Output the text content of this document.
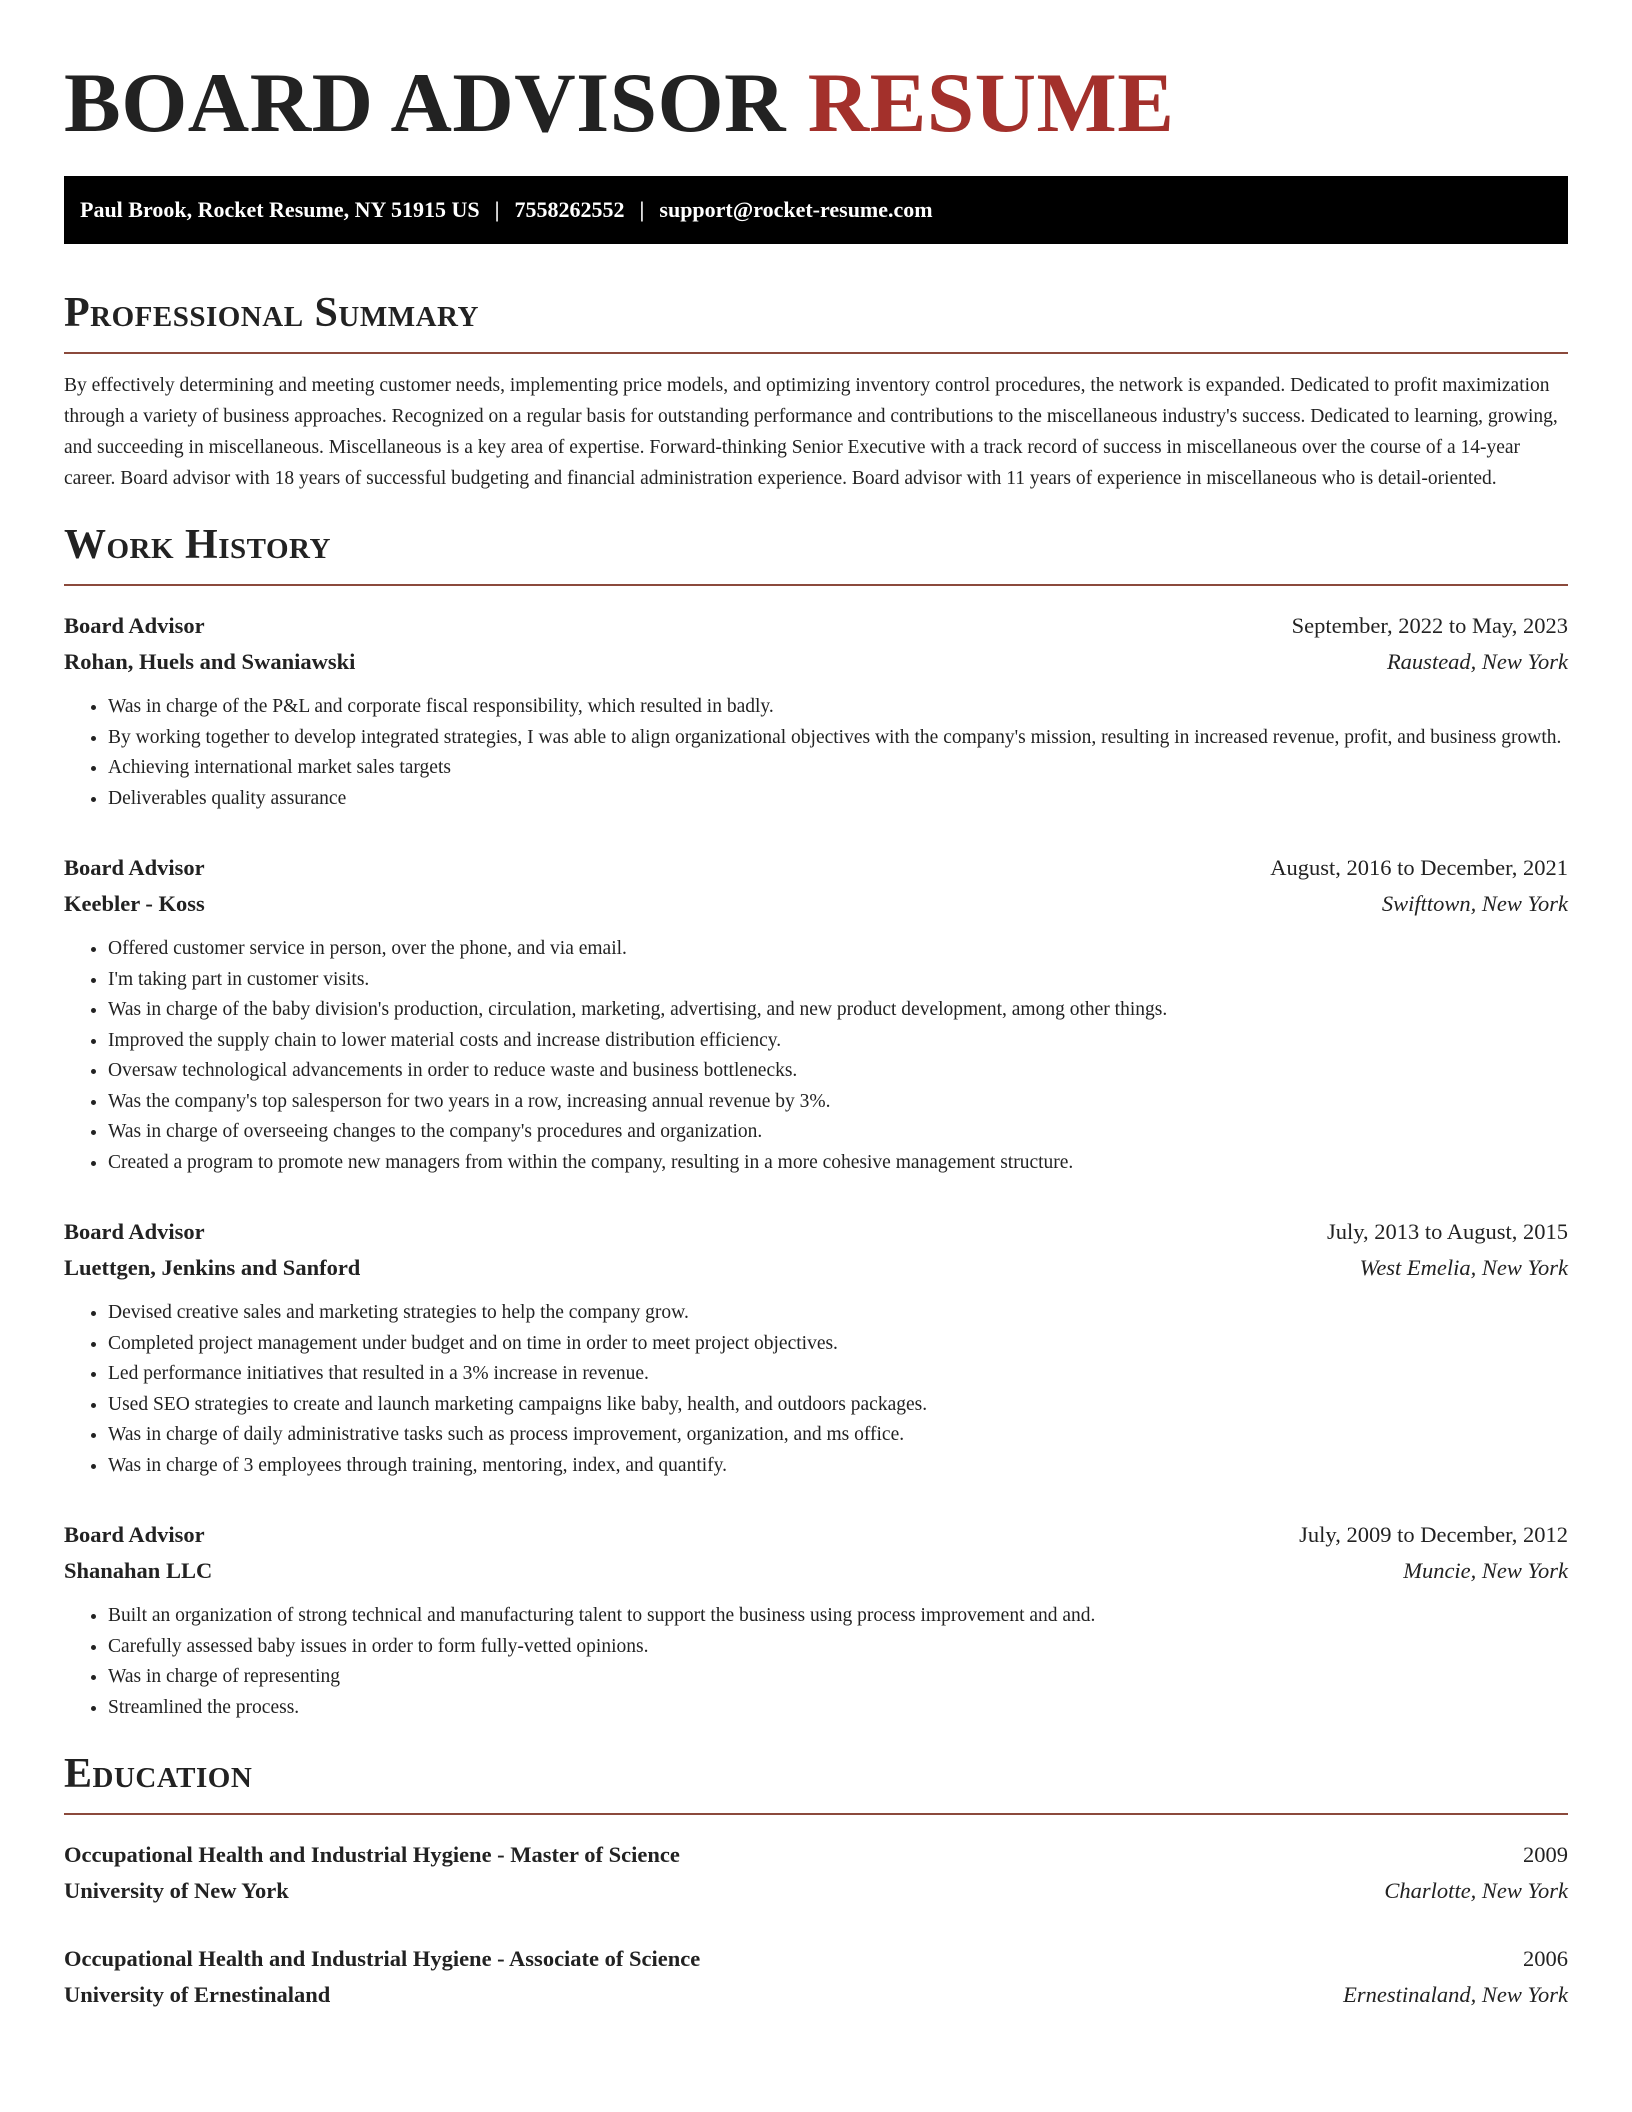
BOARD ADVISOR RESUME
Paul Brook, Rocket Resume, NY 51915 US | 7558262552 | support@rocket-resume.com
Professional Summary

By effectively determining and meeting customer needs, implementing price models, and optimizing inventory control procedures, the network is expanded. Dedicated to profit maximization through a variety of business approaches. Recognized on a regular basis for outstanding performance and contributions to the miscellaneous industry's success. Dedicated to learning, growing, and succeeding in miscellaneous. Miscellaneous is a key area of expertise. Forward-thinking Senior Executive with a track record of success in miscellaneous over the course of a 14-year career. Board advisor with 18 years of successful budgeting and financial administration experience. Board advisor with 11 years of experience in miscellaneous who is detail-oriented.

Work History
Board Advisor	September, 2022 to May, 2023
Rohan, Huels and Swaniawski	Raustead, New York
• Was in charge of the P&L and corporate fiscal responsibility, which resulted in badly.
• By working together to develop integrated strategies, I was able to align organizational objectives with the company's mission, resulting in increased revenue, profit, and business growth.
• Achieving international market sales targets
• Deliverables quality assurance
Board Advisor	August, 2016 to December, 2021
Keebler - Koss	Swifttown, New York
• Offered customer service in person, over the phone, and via email.
• I'm taking part in customer visits.
• Was in charge of the baby division's production, circulation, marketing, advertising, and new product development, among other things.
• Improved the supply chain to lower material costs and increase distribution efficiency.
• Oversaw technological advancements in order to reduce waste and business bottlenecks.
• Was the company's top salesperson for two years in a row, increasing annual revenue by 3%.
• Was in charge of overseeing changes to the company's procedures and organization.
• Created a program to promote new managers from within the company, resulting in a more cohesive management structure.
Board Advisor	July, 2013 to August, 2015
Luettgen, Jenkins and Sanford	West Emelia, New York
• Devised creative sales and marketing strategies to help the company grow.
• Completed project management under budget and on time in order to meet project objectives.
• Led performance initiatives that resulted in a 3% increase in revenue.
• Used SEO strategies to create and launch marketing campaigns like baby, health, and outdoors packages.
• Was in charge of daily administrative tasks such as process improvement, organization, and ms office.
• Was in charge of 3 employees through training, mentoring, index, and quantify.
Board Advisor	July, 2009 to December, 2012
Shanahan LLC	Muncie, New York
• Built an organization of strong technical and manufacturing talent to support the business using process improvement and and.
• Carefully assessed baby issues in order to form fully-vetted opinions.
• Was in charge of representing
• Streamlined the process.
Education
Occupational Health and Industrial Hygiene - Master of Science	2009
University of New York	Charlotte, New York
Occupational Health and Industrial Hygiene - Associate of Science	2006
University of Ernestinaland	Ernestinaland, New York
